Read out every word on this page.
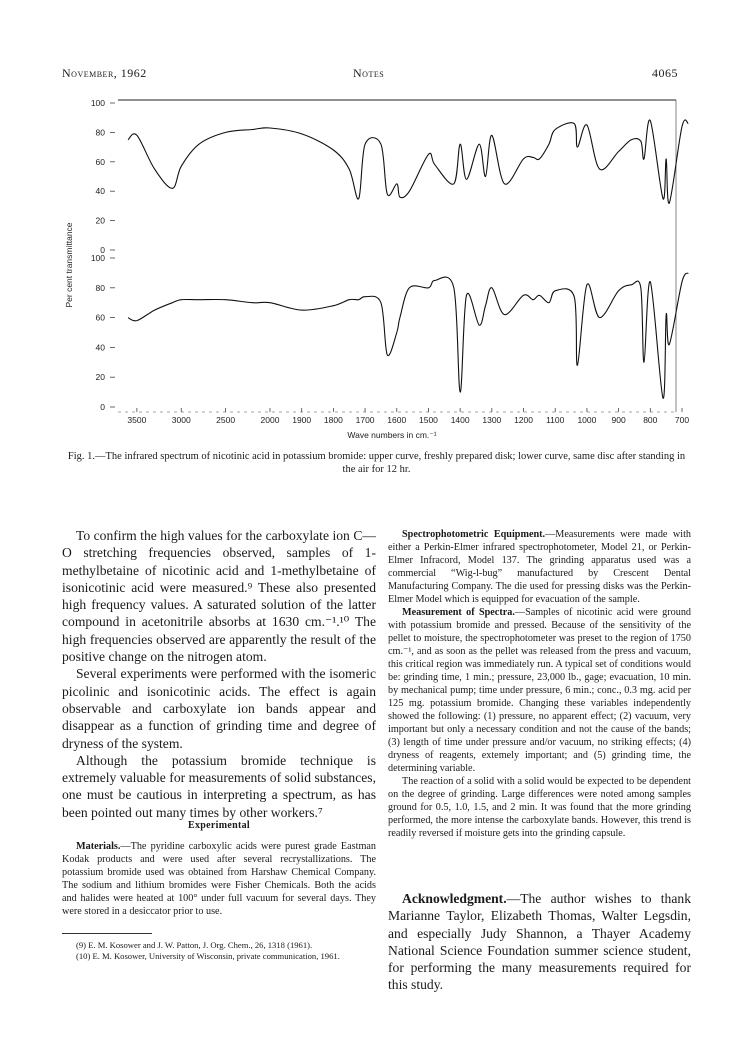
November, 1962	Notes	4065
100
80
60
40
20
0
100
80
60
40
20
0
3500	3000	2500	2000 1900 1800 1700 1600 1500 1400 1300 1200 1100 1000 900 800 700
Per cent transmittance
Wave numbers in cm.⁻¹
Fig. 1.—The infrared spectrum of nicotinic acid in potassium bromide: upper curve, freshly prepared disk; lower curve, same disc after standing in the air for 12 hr.

To confirm the high values for the carboxylate ion C—O stretching frequencies observed, samples of 1-methylbetaine of nicotinic acid and 1-methylbetaine of isonicotinic acid were measured.⁹ These also presented high frequency values. A saturated solution of the latter compound in acetonitrile absorbs at 1630 cm.⁻¹.¹⁰ The high frequencies observed are apparently the result of the positive change on the nitrogen atom.

Several experiments were performed with the isomeric picolinic and isonicotinic acids. The effect is again observable and carboxylate ion bands appear and disappear as a function of grinding time and degree of dryness of the system.

Although the potassium bromide technique is extremely valuable for measurements of solid substances, one must be cautious in interpreting a spectrum, as has been pointed out many times by other workers.⁷

Experimental

Materials.—The pyridine carboxylic acids were purest grade Eastman Kodak products and were used after several recrystallizations. The potassium bromide used was obtained from Harshaw Chemical Company. The sodium and lithium bromides were Fisher Chemicals. Both the acids and halides were heated at 100° under full vacuum for several days. They were stored in a desiccator prior to use.

(9) E. M. Kosower and J. W. Patton, J. Org. Chem., 26, 1318 (1961).

(10) E. M. Kosower, University of Wisconsin, private communication, 1961.

Spectrophotometric Equipment.—Measurements were made with either a Perkin-Elmer infrared spectrophotometer, Model 21, or Perkin-Elmer Infracord, Model 137. The grinding apparatus used was a commercial “Wig-l-bug” manufactured by Crescent Dental Manufacturing Company. The die used for pressing disks was the Perkin-Elmer Model which is equipped for evacuation of the sample.

Measurement of Spectra.—Samples of nicotinic acid were ground with potassium bromide and pressed. Because of the sensitivity of the pellet to moisture, the spectrophotometer was preset to the region of 1750 cm.⁻¹, and as soon as the pellet was released from the press and vacuum, this critical region was immediately run. A typical set of conditions would be: grinding time, 1 min.; pressure, 23,000 lb., gage; evacuation, 10 min. by mechanical pump; time under pressure, 6 min.; conc., 0.3 mg. acid per 125 mg. potassium bromide. Changing these variables independently showed the following: (1) pressure, no apparent effect; (2) vacuum, very important but only a necessary condition and not the cause of the bands; (3) length of time under pressure and/or vacuum, no striking effects; (4) dryness of reagents, extemely important; and (5) grinding time, the determining variable.

The reaction of a solid with a solid would be expected to be dependent on the degree of grinding. Large differences were noted among samples ground for 0.5, 1.0, 1.5, and 2 min. It was found that the more grinding performed, the more intense the carboxylate bands. However, this trend is readily reversed if moisture gets into the grinding capsule.

Acknowledgment.—The author wishes to thank Marianne Taylor, Elizabeth Thomas, Walter Legsdin, and especially Judy Shannon, a Thayer Academy National Science Foundation summer science student, for performing the many measurements required for this study.
